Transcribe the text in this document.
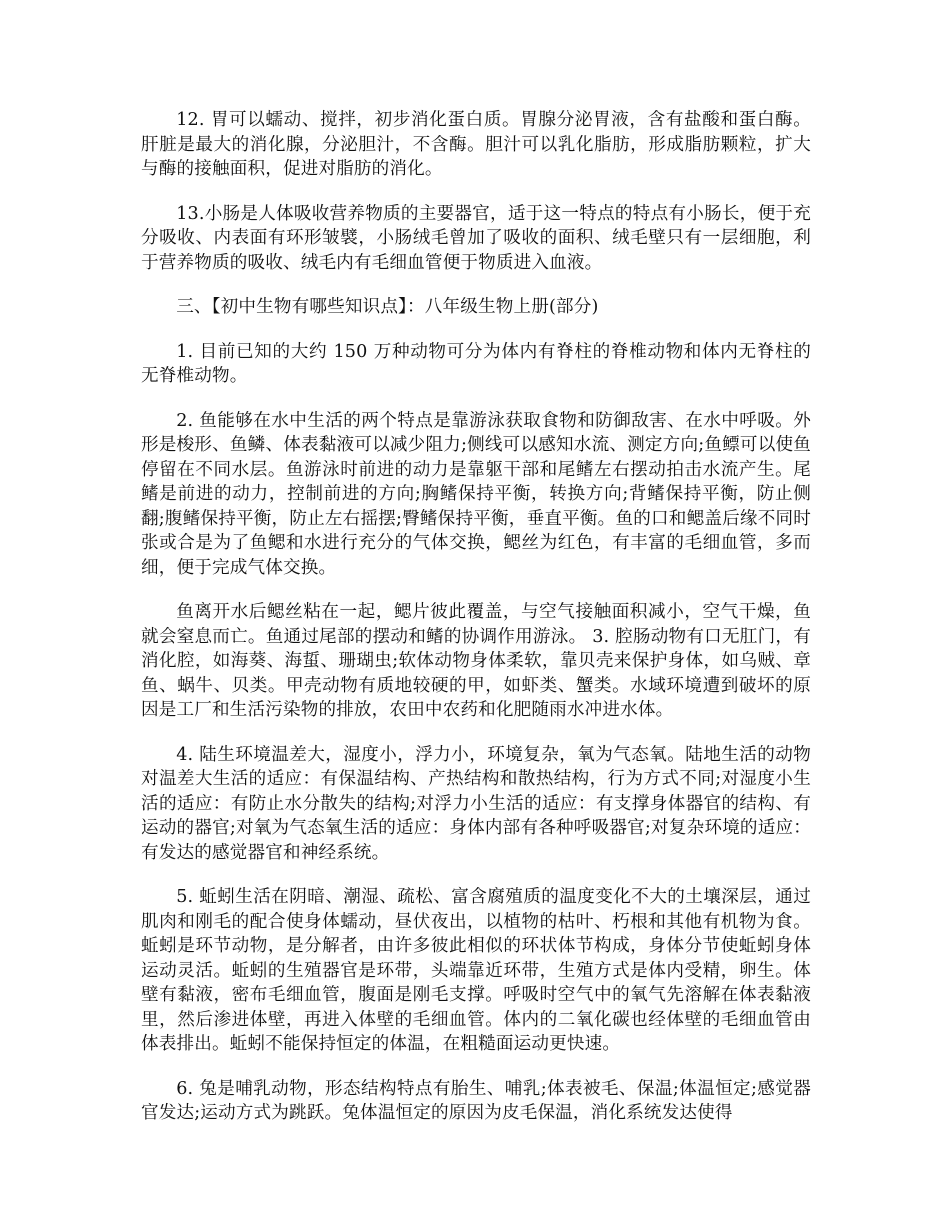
12. 胃可以蠕动、搅拌，初步消化蛋白质。胃腺分泌胃液，含有盐酸和蛋白酶。肝脏是最大的消化腺，分泌胆汁，不含酶。胆汁可以乳化脂肪，形成脂肪颗粒，扩大与酶的接触面积，促进对脂肪的消化。

13.小肠是人体吸收营养物质的主要器官，适于这一特点的特点有小肠长，便于充分吸收、内表面有环形皱襞，小肠绒毛曾加了吸收的面积、绒毛壁只有一层细胞，利于营养物质的吸收、绒毛内有毛细血管便于物质进入血液。

三、【初中生物有哪些知识点】：八年级生物上册(部分)

1. 目前已知的大约 150 万种动物可分为体内有脊柱的脊椎动物和体内无脊柱的无脊椎动物。

2. 鱼能够在水中生活的两个特点是靠游泳获取食物和防御敌害、在水中呼吸。外形是梭形、鱼鳞、体表黏液可以减少阻力;侧线可以感知水流、测定方向;鱼鳔可以使鱼停留在不同水层。鱼游泳时前进的动力是靠躯干部和尾鳍左右摆动拍击水流产生。尾鳍是前进的动力，控制前进的方向;胸鳍保持平衡，转换方向;背鳍保持平衡，防止侧翻;腹鳍保持平衡，防止左右摇摆;臀鳍保持平衡，垂直平衡。鱼的口和鳃盖后缘不同时张或合是为了鱼鳃和水进行充分的气体交换，鳃丝为红色，有丰富的毛细血管，多而细，便于完成气体交换。

鱼离开水后鳃丝粘在一起，鳃片彼此覆盖，与空气接触面积减小，空气干燥，鱼就会窒息而亡。鱼通过尾部的摆动和鳍的协调作用游泳。 3. 腔肠动物有口无肛门，有消化腔，如海葵、海蜇、珊瑚虫;软体动物身体柔软，靠贝壳来保护身体，如乌贼、章鱼、蜗牛、贝类。甲壳动物有质地较硬的甲，如虾类、蟹类。水域环境遭到破坏的原因是工厂和生活污染物的排放，农田中农药和化肥随雨水冲进水体。

4. 陆生环境温差大，湿度小，浮力小，环境复杂，氧为气态氧。陆地生活的动物对温差大生活的适应：有保温结构、产热结构和散热结构，行为方式不同;对湿度小生活的适应：有防止水分散失的结构;对浮力小生活的适应：有支撑身体器官的结构、有运动的器官;对氧为气态氧生活的适应：身体内部有各种呼吸器官;对复杂环境的适应：有发达的感觉器官和神经系统。

5. 蚯蚓生活在阴暗、潮湿、疏松、富含腐殖质的温度变化不大的土壤深层，通过肌肉和刚毛的配合使身体蠕动，昼伏夜出，以植物的枯叶、朽根和其他有机物为食。蚯蚓是环节动物，是分解者，由许多彼此相似的环状体节构成，身体分节使蚯蚓身体运动灵活。蚯蚓的生殖器官是环带，头端靠近环带，生殖方式是体内受精，卵生。体壁有黏液，密布毛细血管，腹面是刚毛支撑。呼吸时空气中的氧气先溶解在体表黏液里，然后渗进体壁，再进入体壁的毛细血管。体内的二氧化碳也经体壁的毛细血管由体表排出。蚯蚓不能保持恒定的体温，在粗糙面运动更快速。

6. 兔是哺乳动物，形态结构特点有胎生、哺乳;体表被毛、保温;体温恒定;感觉器官发达;运动方式为跳跃。兔体温恒定的原因为皮毛保温，消化系统发达使得
